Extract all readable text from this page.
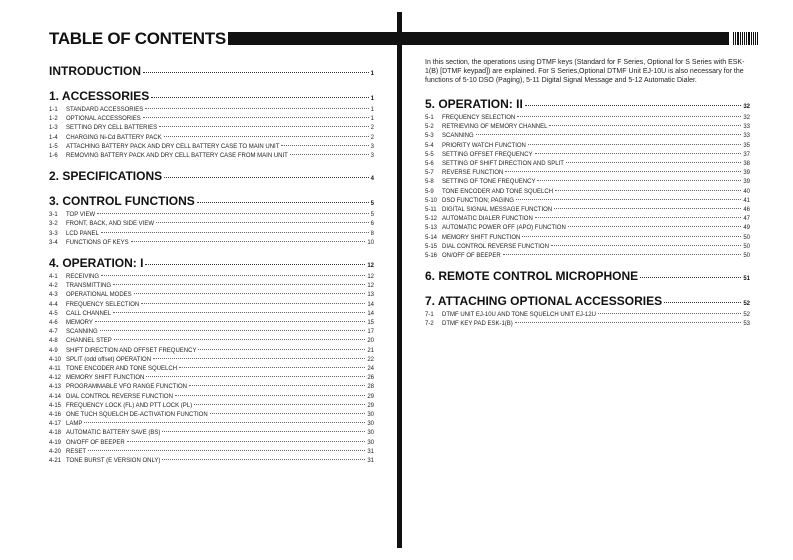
TABLE OF CONTENTS
INTRODUCTION	1
1. ACCESSORIES	1
1-1	STANDARD ACCESSORIES	1
1-2	OPTIONAL ACCESSORIES	1
1-3	SETTING DRY CELL BATTERIES	2
1-4	CHARGING Ni-Cd BATTERY PACK	2
1-5	ATTACHING BATTERY PACK AND DRY CELL BATTERY CASE TO MAIN UNIT	3
1-6	REMOVING BATTERY PACK AND DRY CELL BATTERY CASE FROM MAIN UNIT	3
2. SPECIFICATIONS	4
3. CONTROL FUNCTIONS	5
3-1	TOP VIEW	5
3-2	FRONT, BACK, AND SIDE VIEW	6
3-3	LCD PANEL	8
3-4	FUNCTIONS OF KEYS	10
4. OPERATION: I	12
4-1	RECEIVING	12
4-2	TRANSMITTING	12
4-3	OPERATIONAL MODES	13
4-4	FREQUENCY SELECTION	14
4-5	CALL CHANNEL	14
4-6	MEMORY	15
4-7	SCANNING	17
4-8	CHANNEL STEP	20
4-9	SHIFT DIRECTION AND OFFSET FREQUENCY	21
4-10 SPLIT (odd offset) OPERATION	22
4-11 TONE ENCODER AND TONE SQUELCH	24
4-12 MEMORY SHIFT FUNCTION	26
4-13 PROGRAMMABLE VFO RANGE FUNCTION	28
4-14 DIAL CONTROL REVERSE FUNCTION	29
4-15 FREQUENCY LOCK (FL) AND PTT LOCK (PL)	29
4-16 ONE TUCH SQUELCH DE-ACTIVATION FUNCTION	30
4-17 LAMP	30
4-18 AUTOMATIC BATTERY SAVE (BS)	30
4-19 ON/OFF OF BEEPER	30
4-20 RESET	31
4-21 TONE BURST (E VERSION ONLY)	31

In this section, the operations using DTMF keys (Standard for F Series, Optional for S Series with ESK-1(B) [DTMF keypad]) are explained. For S Series,Optional DTMF Unit EJ-10U is also necessary for the functions of 5-10 DSO (Paging), 5-11 Digital Signal Message and 5-12 Automatic Dialer.

5. OPERATION: II	32
5-1	FREQUENCY SELECTION	32
5-2	RETRIEVING OF MEMORY CHANNEL	33
5-3	SCANNING	33
5-4	PRIORITY WATCH FUNCTION	35
5-5	SETTING OFFSET FREQUENCY	37
5-6	SETTING OF SHIFT DIRECTION AND SPLIT	38
5-7	REVERSE FUNCTION	39
5-8	SETTING OF TONE FREQUENCY	39
5-9	TONE ENCODER AND TONE SQUELCH	40
5-10 DSO FUNCTION; PAGING	41
5-11 DIGITAL SIGNAL MESSAGE FUNCTION	46
5-12 AUTOMATIC DIALER FUNCTION	47
5-13 AUTOMATIC POWER OFF (APO) FUNCTION	49
5-14 MEMORY SHIFT FUNCTION	50
5-15 DIAL CONTROL REVERSE FUNCTION	50
5-16 ON/OFF OF BEEPER	50
6. REMOTE CONTROL MICROPHONE	51
7. ATTACHING OPTIONAL ACCESSORIES	52
7-1	DTMF UNIT EJ-10U AND TONE SQUELCH UNIT EJ-12U	52
7-2	DTMF KEY PAD ESK-1(B)	53
